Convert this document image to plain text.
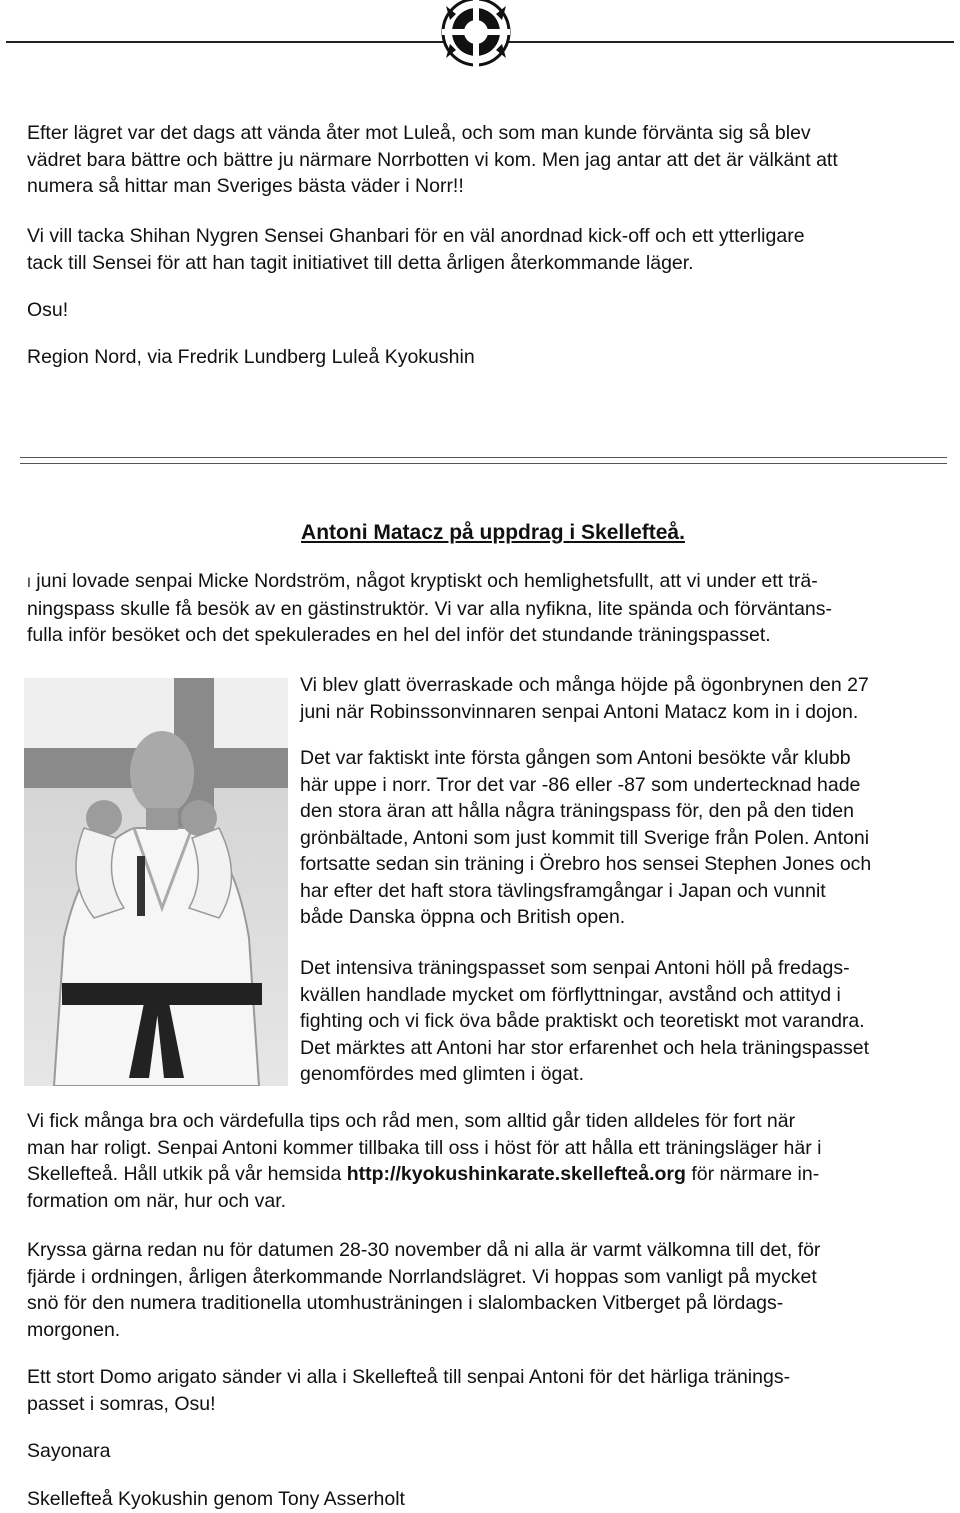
Efter lägret var det dags att vända åter mot Luleå, och som man kunde förvänta sig så blev
vädret bara bättre och bättre ju närmare Norrbotten vi kom. Men jag antar att det är välkänt att
numera så hittar man Sveriges bästa väder i Norr!!
Vi vill tacka Shihan Nygren Sensei Ghanbari för en väl anordnad kick-off och ett ytterligare
tack till Sensei för att han tagit initiativet till detta årligen återkommande läger.
Osu!
Region Nord, via Fredrik Lundberg Luleå Kyokushin
Antoni Matacz på uppdrag i Skellefteå.
I juni lovade senpai Micke Nordström, något kryptiskt och hemlighetsfullt, att vi under ett trä-
ningspass skulle få besök av en gästinstruktör. Vi var alla nyfikna, lite spända och förväntans-
fulla inför besöket och det spekulerades en hel del inför det stundande träningspasset.
Vi blev glatt överraskade och många höjde på ögonbrynen den 27
juni när Robinssonvinnaren senpai Antoni Matacz kom in i dojon.
Det var faktiskt inte första gången som Antoni besökte vår klubb
här uppe i norr. Tror det var -86 eller -87 som undertecknad hade
den stora äran att hålla några träningspass för, den på den tiden
grönbältade, Antoni som just kommit till Sverige från Polen. Antoni
fortsatte sedan sin träning i Örebro hos sensei Stephen Jones och
har efter det haft stora tävlingsframgångar i Japan och vunnit
både Danska öppna och British open.
Det intensiva träningspasset som senpai Antoni höll på fredags-
kvällen handlade mycket om förflyttningar, avstånd och attityd i
fighting och vi fick öva både praktiskt och teoretiskt mot varandra.
Det märktes att Antoni har stor erfarenhet och hela träningspasset
genomfördes med glimten i ögat.
Vi fick många bra och värdefulla tips och råd men, som alltid går tiden alldeles för fort när
man har roligt. Senpai Antoni kommer tillbaka till oss i höst för att hålla ett träningsläger här i
Skellefteå. Håll utkik på vår hemsida http://kyokushinkarate.skellefteå.org för närmare in-
formation om när, hur och var.
Kryssa gärna redan nu för datumen 28-30 november då ni alla är varmt välkomna till det, för
fjärde i ordningen, årligen återkommande Norrlandslägret. Vi hoppas som vanligt på mycket
snö för den numera traditionella utomhusträningen i slalombacken Vitberget på lördags-
morgonen.
Ett stort Domo arigato sänder vi alla i Skellefteå till senpai Antoni för det härliga tränings-
passet i somras, Osu!
Sayonara
Skellefteå Kyokushin genom Tony Asserholt
